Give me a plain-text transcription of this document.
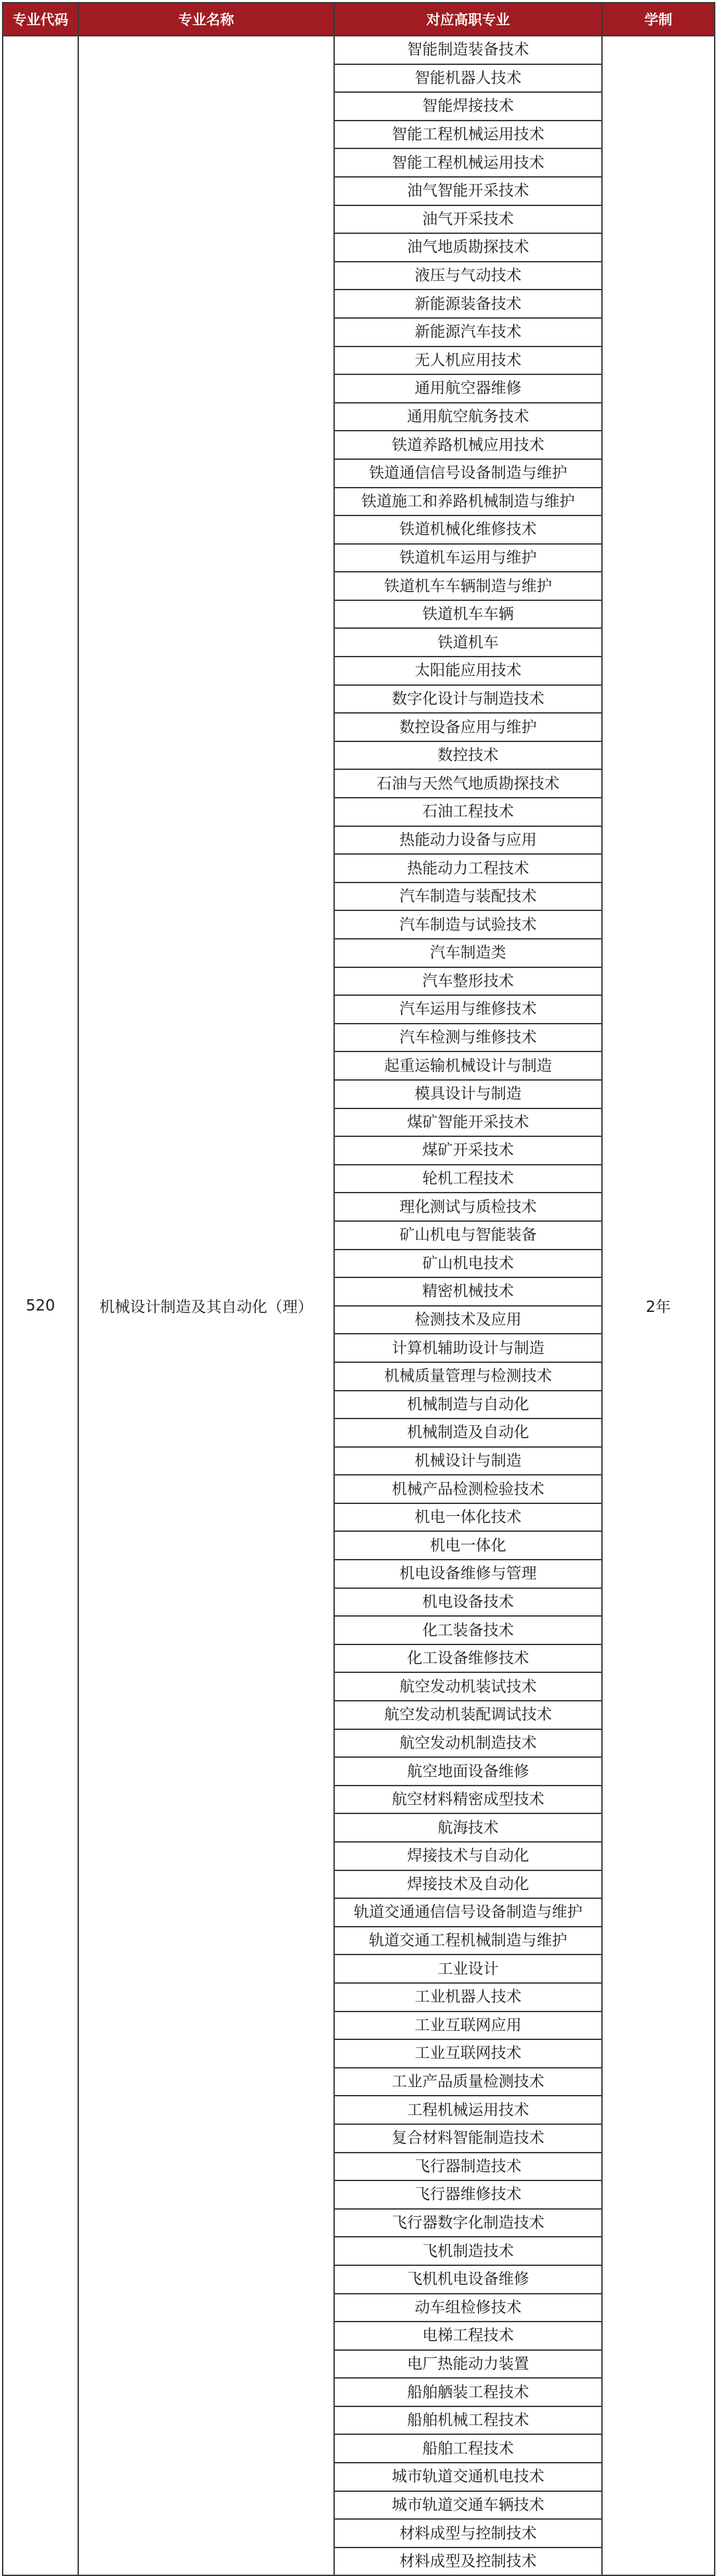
专业代码	专业名称	对应高职专业	学制
520	机械设计制造及其自动化（理）	智能制造装备技术	2年
		智能机器人技术	
		智能焊接技术	
		智能工程机械运用技术	
		智能工程机械运用技术	
		油气智能开采技术	
		油气开采技术	
		油气地质勘探技术	
		液压与气动技术	
		新能源装备技术	
		新能源汽车技术	
		无人机应用技术	
		通用航空器维修	
		通用航空航务技术	
		铁道养路机械应用技术	
		铁道通信信号设备制造与维护	
		铁道施工和养路机械制造与维护	
		铁道机械化维修技术	
		铁道机车运用与维护	
		铁道机车车辆制造与维护	
		铁道机车车辆	
		铁道机车	
		太阳能应用技术	
		数字化设计与制造技术	
		数控设备应用与维护	
		数控技术	
		石油与天然气地质勘探技术	
		石油工程技术	
		热能动力设备与应用	
		热能动力工程技术	
		汽车制造与装配技术	
		汽车制造与试验技术	
		汽车制造类	
		汽车整形技术	
		汽车运用与维修技术	
		汽车检测与维修技术	
		起重运输机械设计与制造	
		模具设计与制造	
		煤矿智能开采技术	
		煤矿开采技术	
		轮机工程技术	
		理化测试与质检技术	
		矿山机电与智能装备	
		矿山机电技术	
		精密机械技术	
		检测技术及应用	
		计算机辅助设计与制造	
		机械质量管理与检测技术	
		机械制造与自动化	
		机械制造及自动化	
		机械设计与制造	
		机械产品检测检验技术	
		机电一体化技术	
		机电一体化	
		机电设备维修与管理	
		机电设备技术	
		化工装备技术	
		化工设备维修技术	
		航空发动机装试技术	
		航空发动机装配调试技术	
		航空发动机制造技术	
		航空地面设备维修	
		航空材料精密成型技术	
		航海技术	
		焊接技术与自动化	
		焊接技术及自动化	
		轨道交通通信信号设备制造与维护	
		轨道交通工程机械制造与维护	
		工业设计	
		工业机器人技术	
		工业互联网应用	
		工业互联网技术	
		工业产品质量检测技术	
		工程机械运用技术	
		复合材料智能制造技术	
		飞行器制造技术	
		飞行器维修技术	
		飞行器数字化制造技术	
		飞机制造技术	
		飞机机电设备维修	
		动车组检修技术	
		电梯工程技术	
		电厂热能动力装置	
		船舶舾装工程技术	
		船舶机械工程技术	
		船舶工程技术	
		城市轨道交通机电技术	
		城市轨道交通车辆技术	
		材料成型与控制技术	
		材料成型及控制技术	
